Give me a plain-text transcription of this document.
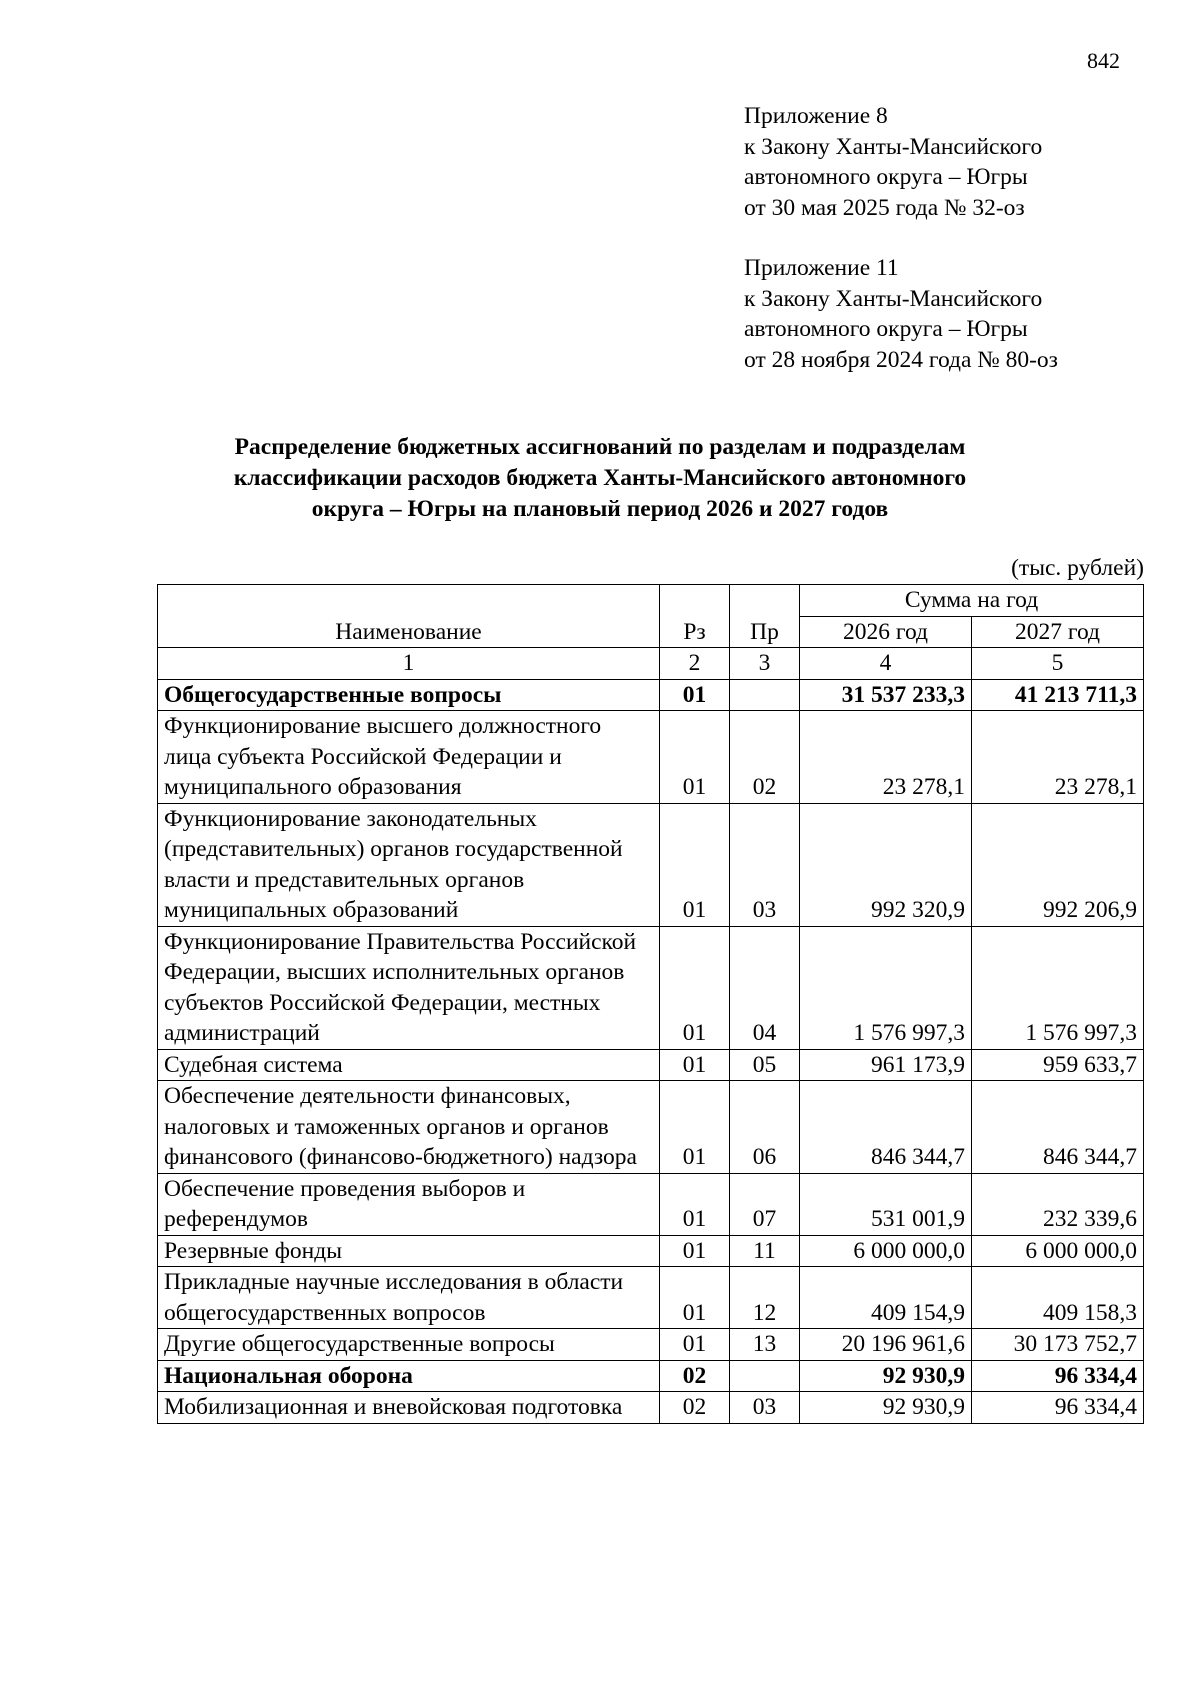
842
Приложение 8
к Закону Ханты-Мансийского
автономного округа – Югры
от 30 мая 2025 года № 32-оз
Приложение 11
к Закону Ханты-Мансийского
автономного округа – Югры
от 28 ноября 2024 года № 80-оз
Распределение бюджетных ассигнований по разделам и подразделам
классификации расходов бюджета Ханты-Мансийского автономного
округа – Югры на плановый период 2026 и 2027 годов
(тыс. рублей)
Наименование	Рз	Пр	Сумма на год	
			2026 год	2027 год
1	2	3	4	5
Общегосударственные вопросы	01		31 537 233,3	41 213 711,3
Функционирование высшего должностного лица субъекта Российской Федерации и муниципального образования	01	02	23 278,1	23 278,1
Функционирование законодательных (представительных) органов государственной власти и представительных органов муниципальных образований	01	03	992 320,9	992 206,9
Функционирование Правительства Российской Федерации, высших исполнительных органов субъектов Российской Федерации, местных администраций	01	04	1 576 997,3	1 576 997,3
Судебная система	01	05	961 173,9	959 633,7
Обеспечение деятельности финансовых, налоговых и таможенных органов и органов финансового (финансово-бюджетного) надзора	01	06	846 344,7	846 344,7
Обеспечение проведения выборов и референдумов	01	07	531 001,9	232 339,6
Резервные фонды	01	11	6 000 000,0	6 000 000,0
Прикладные научные исследования в области общегосударственных вопросов	01	12	409 154,9	409 158,3
Другие общегосударственные вопросы	01	13	20 196 961,6	30 173 752,7
Национальная оборона	02		92 930,9	96 334,4
Мобилизационная и вневойсковая подготовка	02	03	92 930,9	96 334,4
